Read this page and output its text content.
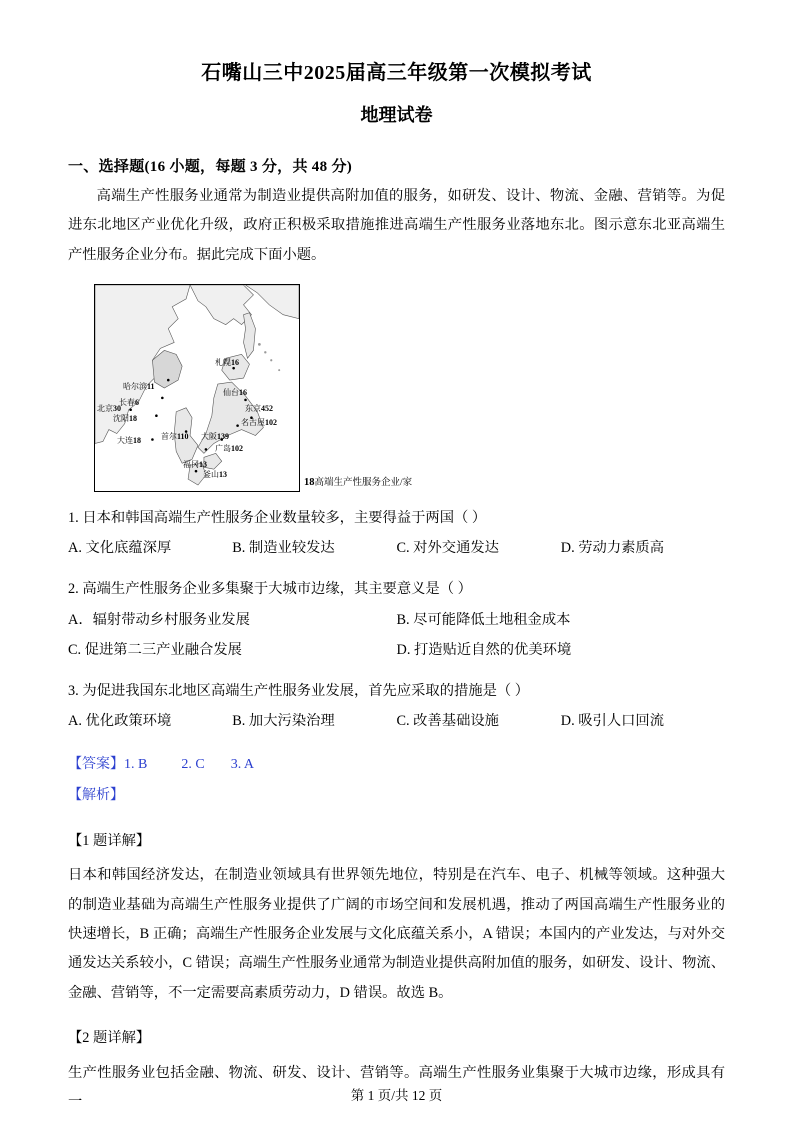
石嘴山三中2025届高三年级第一次模拟考试
地理试卷
一、选择题(16 小题，每题 3 分，共 48 分)

高端生产性服务业通常为制造业提供高附加值的服务，如研发、设计、物流、金融、营销等。为促进东北地区产业优化升级，政府正积极采取措施推进高端生产性服务业落地东北。图示意东北亚高端生产性服务企业分布。据此完成下面小题。

哈尔滨11
长春6
沈阳18
北京30
大连18
札幌16
仙台16
东京452
名古屋102
大阪139
首尔110
福冈13
广岛102
釜山13
18高端生产性服务企业/家

1. 日本和韩国高端生产性服务企业数量较多，主要得益于两国（ ）

A. 文化底蕴深厚	B. 制造业较发达	C. 对外交通发达	D. 劳动力素质高

2. 高端生产性服务企业多集聚于大城市边缘，其主要意义是（ ）

A．辐射带动乡村服务业发展	B. 尽可能降低土地租金成本
C. 促进第二三产业融合发展	D. 打造贴近自然的优美环境

3. 为促进我国东北地区高端生产性服务业发展，首先应采取的措施是（ ）

A. 优化政策环境	B. 加大污染治理	C. 改善基础设施	D. 吸引人口回流

【答案】1. B 2. C 3. A

【解析】

【1 题详解】

日本和韩国经济发达，在制造业领域具有世界领先地位，特别是在汽车、电子、机械等领域。这种强大的制造业基础为高端生产性服务业提供了广阔的市场空间和发展机遇，推动了两国高端生产性服务业的快速增长，B 正确；高端生产性服务企业发展与文化底蕴关系小，A 错误；本国内的产业发达，与对外交通发达关系较小，C 错误；高端生产性服务业通常为制造业提供高附加值的服务，如研发、设计、物流、金融、营销等，不一定需要高素质劳动力，D 错误。故选 B。

【2 题详解】

生产性服务业包括金融、物流、研发、设计、营销等。高端生产性服务业集聚于大城市边缘，形成具有一	第 1 页/共 12 页
